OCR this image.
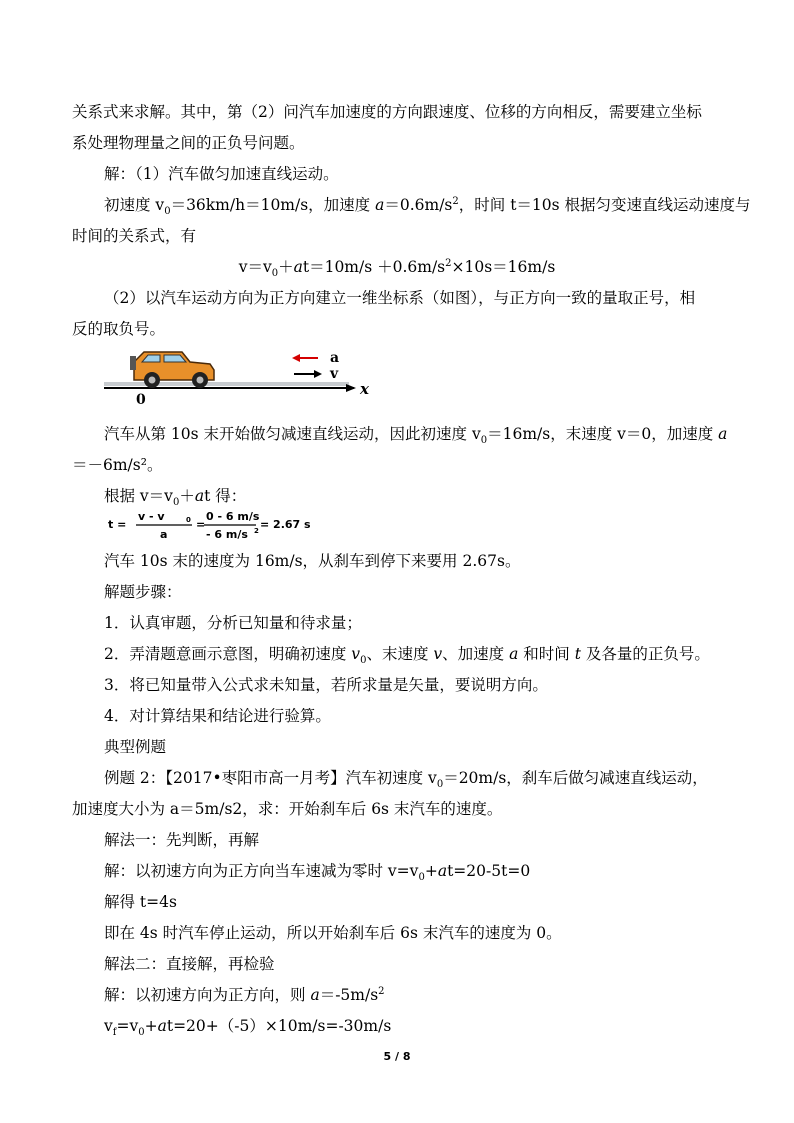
关系式来求解。其中，第（2）问汽车加速度的方向跟速度、位移的方向相反，需要建立坐标
系处理物理量之间的正负号问题。
解：（1）汽车做匀加速直线运动。
初速度 $v_0=36km/h=10m/s$，加速度 $a=0.6m/s^2$，时间 t＝10s 根据匀变速直线运动速度与
时间的关系式，有
$v=v_0+at=10m/s +0.6m/s^2\times 10s=16m/s$
（2）以汽车运动方向为正方向建立一维坐标系（如图），与正方向一致的量取正号，相
反的取负号。
a
v
x
0
汽车从第 10s 末开始做匀减速直线运动，因此初速度 $v_0=16m/s$，末速度 v＝0，加速度 a
＝－6m/s²。
根据 $v=v_0+at$ 得：
t =
v - v	0
a
=
0 - 6 m/s
- 6 m/s 2 = 2.67 s
汽车 10s 末的速度为 16m/s，从刹车到停下来要用 2.67s。
解题步骤：
1．认真审题，分析已知量和待求量；
2．弄清题意画示意图，明确初速度 $v_0$、末速度 v、加速度 a 和时间 t 及各量的正负号。
3．将已知量带入公式求未知量，若所求量是矢量，要说明方向。
4．对计算结果和结论进行验算。
典型例题
例题 2：【2017•枣阳市高一月考】汽车初速度 $v_0=20m/s$，刹车后做匀减速直线运动，
加速度大小为 a＝5m/s2，求：开始刹车后 6s 末汽车的速度。
解法一：先判断，再解
解：以初速方向为正方向当车速减为零时 $v=v_0+at=20-5t=0$
解得 t=4s
即在 4s 时汽车停止运动，所以开始刹车后 6s 末汽车的速度为 0。
解法二：直接解，再检验
解：以初速方向为正方向，则 $a=-5m/s^2$
$v_f=v_0+at=20+(-5)\times 10m/s=-30m/s$
5 / 8
